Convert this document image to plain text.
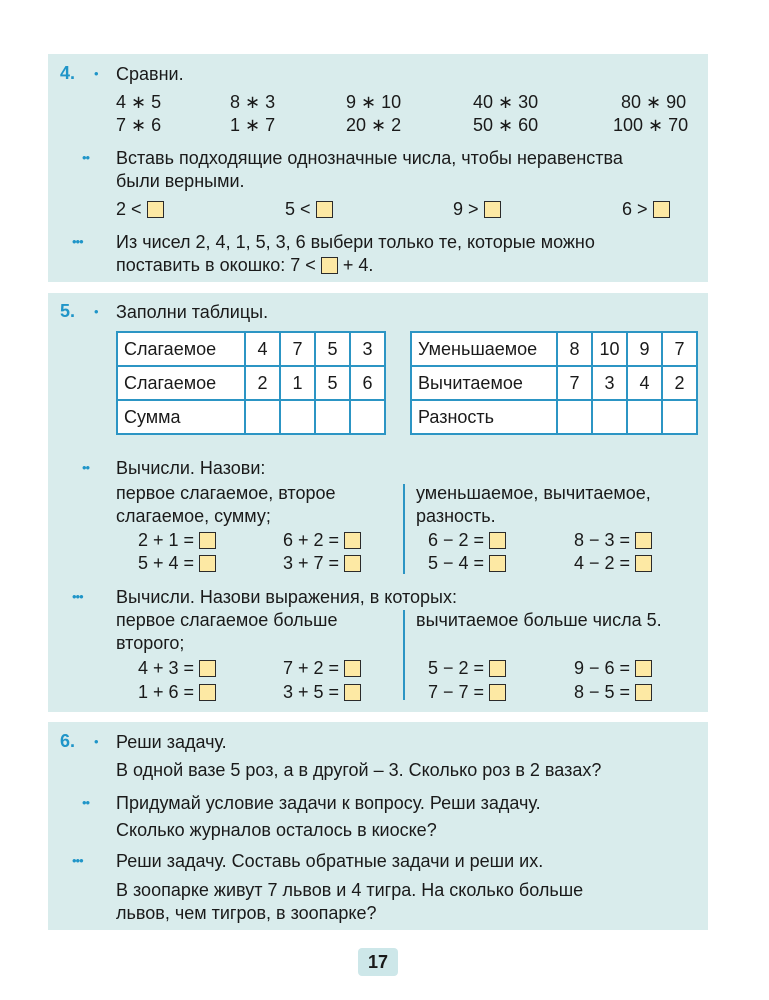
4. • Сравни.
4 ∗ 5	8 ∗ 3	9 ∗ 10	40 ∗ 30	80 ∗ 90
7 ∗ 6	1 ∗ 7	20 ∗ 2	50 ∗ 60	100 ∗ 70
•• Вставь подходящие однозначные числа, чтобы неравенства
были верными.
2 <	5 <	9 >	6 >
••• Из чисел 2, 4, 1, 5, 3, 6 выбери только те, которые можно
поставить в окошко: 7 < + 4.
5. • Заполни таблицы.
Слагаемое	4	7	5	3
Слагаемое	2	1	5	6
Сумма				
Уменьшаемое	8	10	9	7
Вычитаемое	7	3	4	2
Разность				
•• Вычисли. Назови:
первое слагаемое, второе
слагаемое, сумму;
уменьшаемое, вычитаемое,
разность.
2 + 1 =	6 + 2 =	6 − 2 =	8 − 3 =
5 + 4 =	3 + 7 =	5 − 4 =	4 − 2 =
••• Вычисли. Назови выражения, в которых:
первое слагаемое больше
второго;
вычитаемое больше числа 5.
4 + 3 =	7 + 2 =	5 − 2 =	9 − 6 =
1 + 6 =	3 + 5 =	7 − 7 =	8 − 5 =
6. • Реши задачу.
В одной вазе 5 роз, а в другой – 3. Сколько роз в 2 вазах?
•• Придумай условие задачи к вопросу. Реши задачу.
Сколько журналов осталось в киоске?
••• Реши задачу. Составь обратные задачи и реши их.
В зоопарке живут 7 львов и 4 тигра. На сколько больше
львов, чем тигров, в зоопарке?
17
